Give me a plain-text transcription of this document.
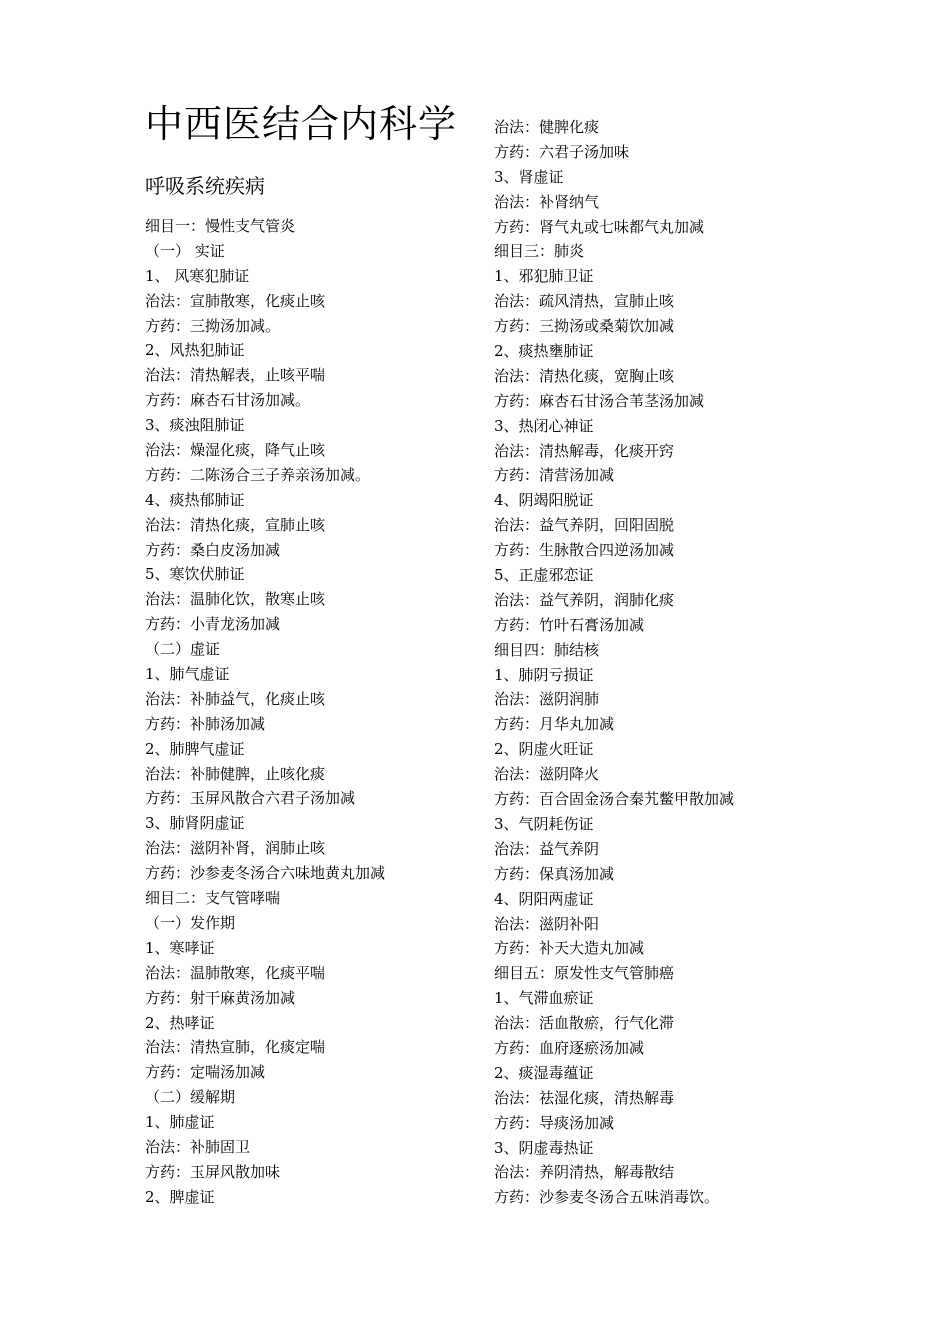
中西医结合内科学
呼吸系统疾病
细目一：慢性支气管炎
（一） 实证
1、 风寒犯肺证
治法：宣肺散寒，化痰止咳
方药：三拗汤加减。
2、风热犯肺证
治法：清热解表，止咳平喘
方药：麻杏石甘汤加减。
3、痰浊阻肺证
治法：燥湿化痰，降气止咳
方药：二陈汤合三子养亲汤加减。
4、痰热郁肺证
治法：清热化痰，宣肺止咳
方药：桑白皮汤加减
5、寒饮伏肺证
治法：温肺化饮，散寒止咳
方药：小青龙汤加减
（二）虚证
1、肺气虚证
治法：补肺益气，化痰止咳
方药：补肺汤加减
2、肺脾气虚证
治法：补肺健脾，止咳化痰
方药：玉屏风散合六君子汤加减
3、肺肾阴虚证
治法：滋阴补肾，润肺止咳
方药：沙参麦冬汤合六味地黄丸加减
细目二：支气管哮喘
（一）发作期
1、寒哮证
治法：温肺散寒，化痰平喘
方药：射干麻黄汤加减
2、热哮证
治法：清热宣肺，化痰定喘
方药：定喘汤加减
（二）缓解期
1、肺虚证
治法：补肺固卫
方药：玉屏风散加味
2、脾虚证
治法：健脾化痰
方药：六君子汤加味
3、肾虚证
治法：补肾纳气
方药：肾气丸或七味都气丸加减
细目三：肺炎
1、邪犯肺卫证
治法：疏风清热，宣肺止咳
方药：三拗汤或桑菊饮加减
2、痰热壅肺证
治法：清热化痰，宽胸止咳
方药：麻杏石甘汤合苇茎汤加减
3、热闭心神证
治法：清热解毒，化痰开窍
方药：清营汤加减
4、阴竭阳脱证
治法：益气养阴，回阳固脱
方药：生脉散合四逆汤加减
5、正虚邪恋证
治法：益气养阴，润肺化痰
方药：竹叶石膏汤加减
细目四：肺结核
1、肺阴亏损证
治法：滋阴润肺
方药：月华丸加减
2、阴虚火旺证
治法：滋阴降火
方药：百合固金汤合秦艽鳖甲散加减
3、气阴耗伤证
治法：益气养阴
方药：保真汤加减
4、阴阳两虚证
治法：滋阴补阳
方药：补天大造丸加减
细目五：原发性支气管肺癌
1、气滞血瘀证
治法：活血散瘀，行气化滞
方药：血府逐瘀汤加减
2、痰湿毒蕴证
治法：祛湿化痰，清热解毒
方药：导痰汤加减
3、阴虚毒热证
治法：养阴清热，解毒散结
方药：沙参麦冬汤合五味消毒饮。
